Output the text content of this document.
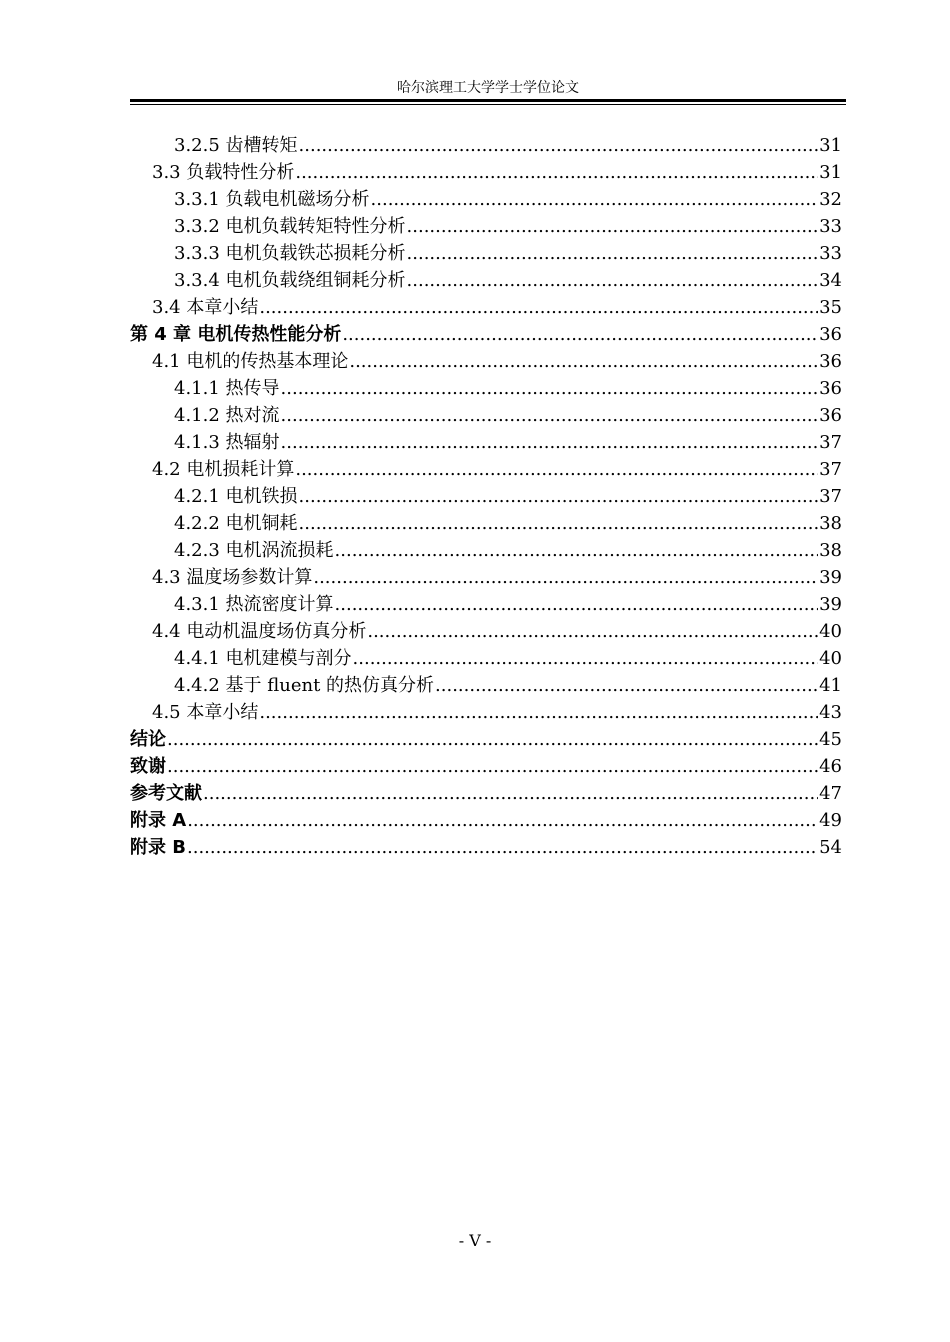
哈尔滨理工大学学士学位论文
3.2.5 齿槽转矩 .....	31
3.3 负载特性分析 .....	31
3.3.1 负载电机磁场分析 .....	32
3.3.2 电机负载转矩特性分析 .....	33
3.3.3 电机负载铁芯损耗分析 .....	33
3.3.4 电机负载绕组铜耗分析 .....	34
3.4 本章小结 .....	35
第 4 章 电机传热性能分析 .....	36
4.1 电机的传热基本理论 .....	36
4.1.1 热传导 .....	36
4.1.2 热对流 .....	36
4.1.3 热辐射 .....	37
4.2 电机损耗计算 .....	37
4.2.1 电机铁损 .....	37
4.2.2 电机铜耗 .....	38
4.2.3 电机涡流损耗 .....	38
4.3 温度场参数计算 .....	39
4.3.1 热流密度计算 .....	39
4.4 电动机温度场仿真分析 .....	40
4.4.1 电机建模与剖分 .....	40
4.4.2 基于 fluent 的热仿真分析 .....	41
4.5 本章小结 .....	43
结论 .....	45
致谢 .....	46
参考文献 .....	47
附录 A .....	49
附录 B .....	54
- V -
